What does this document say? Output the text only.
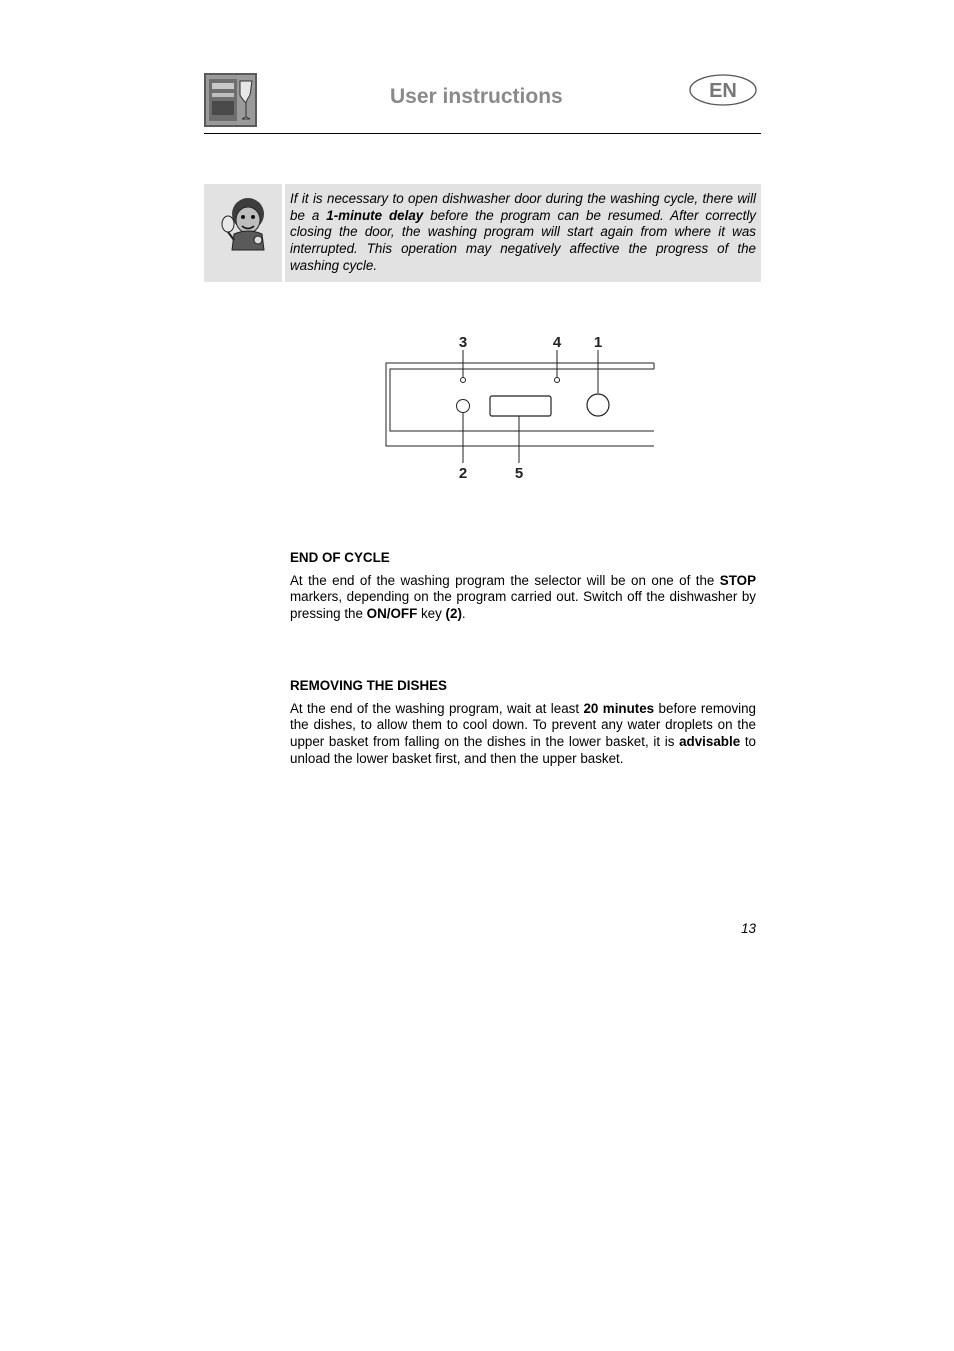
User instructions	EN
If it is necessary to open dishwasher door during the washing cycle, there will be a 1-minute delay before the program can be resumed. After correctly closing the door, the washing program will start again from where it was interrupted. This operation may negatively affective the progress of the washing cycle.
3	4 1
2	5
END OF CYCLE

At the end of the washing program the selector will be on one of the STOP markers, depending on the program carried out. Switch off the dishwasher by pressing the ON/OFF key (2).

REMOVING THE DISHES

At the end of the washing program, wait at least 20 minutes before removing the dishes, to allow them to cool down. To prevent any water droplets on the upper basket from falling on the dishes in the lower basket, it is advisable to unload the lower basket first, and then the upper basket.

13
